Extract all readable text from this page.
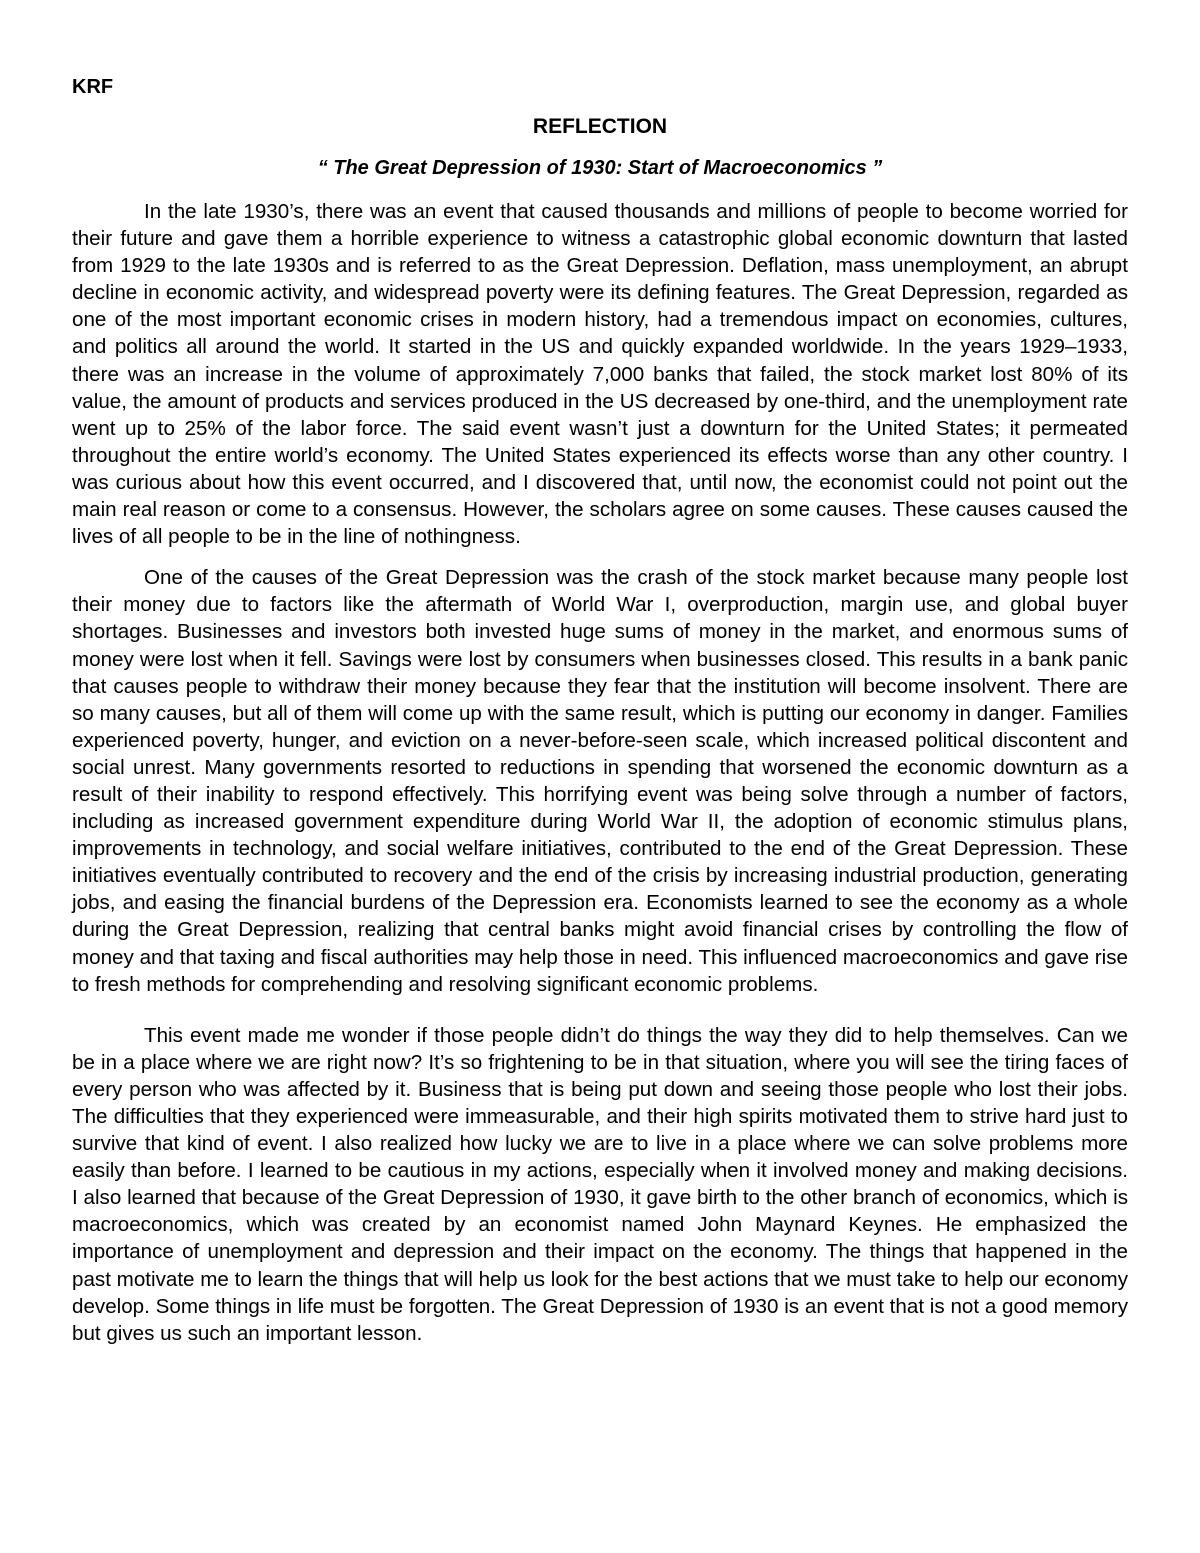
KRF
REFLECTION
“ The Great Depression of 1930: Start of Macroeconomics ”

In the late 1930’s, there was an event that caused thousands and millions of people to become worried for their future and gave them a horrible experience to witness a catastrophic global economic downturn that lasted from 1929 to the late 1930s and is referred to as the Great Depression. Deflation, mass unemployment, an abrupt decline in economic activity, and widespread poverty were its defining features. The Great Depression, regarded as one of the most important economic crises in modern history, had a tremendous impact on economies, cultures, and politics all around the world. It started in the US and quickly expanded worldwide. In the years 1929–1933, there was an increase in the volume of approximately 7,000 banks that failed, the stock market lost 80% of its value, the amount of products and services produced in the US decreased by one-third, and the unemployment rate went up to 25% of the labor force. The said event wasn’t just a downturn for the United States; it permeated throughout the entire world’s economy. The United States experienced its effects worse than any other country. I was curious about how this event occurred, and I discovered that, until now, the economist could not point out the main real reason or come to a consensus. However, the scholars agree on some causes. These causes caused the lives of all people to be in the line of nothingness.

One of the causes of the Great Depression was the crash of the stock market because many people lost their money due to factors like the aftermath of World War I, overproduction, margin use, and global buyer shortages. Businesses and investors both invested huge sums of money in the market, and enormous sums of money were lost when it fell. Savings were lost by consumers when businesses closed. This results in a bank panic that causes people to withdraw their money because they fear that the institution will become insolvent. There are so many causes, but all of them will come up with the same result, which is putting our economy in danger. Families experienced poverty, hunger, and eviction on a never-before-seen scale, which increased political discontent and social unrest. Many governments resorted to reductions in spending that worsened the economic downturn as a result of their inability to respond effectively. This horrifying event was being solve through a number of factors, including as increased government expenditure during World War II, the adoption of economic stimulus plans, improvements in technology, and social welfare initiatives, contributed to the end of the Great Depression. These initiatives eventually contributed to recovery and the end of the crisis by increasing industrial production, generating jobs, and easing the financial burdens of the Depression era. Economists learned to see the economy as a whole during the Great Depression, realizing that central banks might avoid financial crises by controlling the flow of money and that taxing and fiscal authorities may help those in need. This influenced macroeconomics and gave rise to fresh methods for comprehending and resolving significant economic problems.

This event made me wonder if those people didn’t do things the way they did to help themselves. Can we be in a place where we are right now? It’s so frightening to be in that situation, where you will see the tiring faces of every person who was affected by it. Business that is being put down and seeing those people who lost their jobs. The difficulties that they experienced were immeasurable, and their high spirits motivated them to strive hard just to survive that kind of event. I also realized how lucky we are to live in a place where we can solve problems more easily than before. I learned to be cautious in my actions, especially when it involved money and making decisions. I also learned that because of the Great Depression of 1930, it gave birth to the other branch of economics, which is macroeconomics, which was created by an economist named John Maynard Keynes. He emphasized the importance of unemployment and depression and their impact on the economy. The things that happened in the past motivate me to learn the things that will help us look for the best actions that we must take to help our economy develop. Some things in life must be forgotten. The Great Depression of 1930 is an event that is not a good memory but gives us such an important lesson.
